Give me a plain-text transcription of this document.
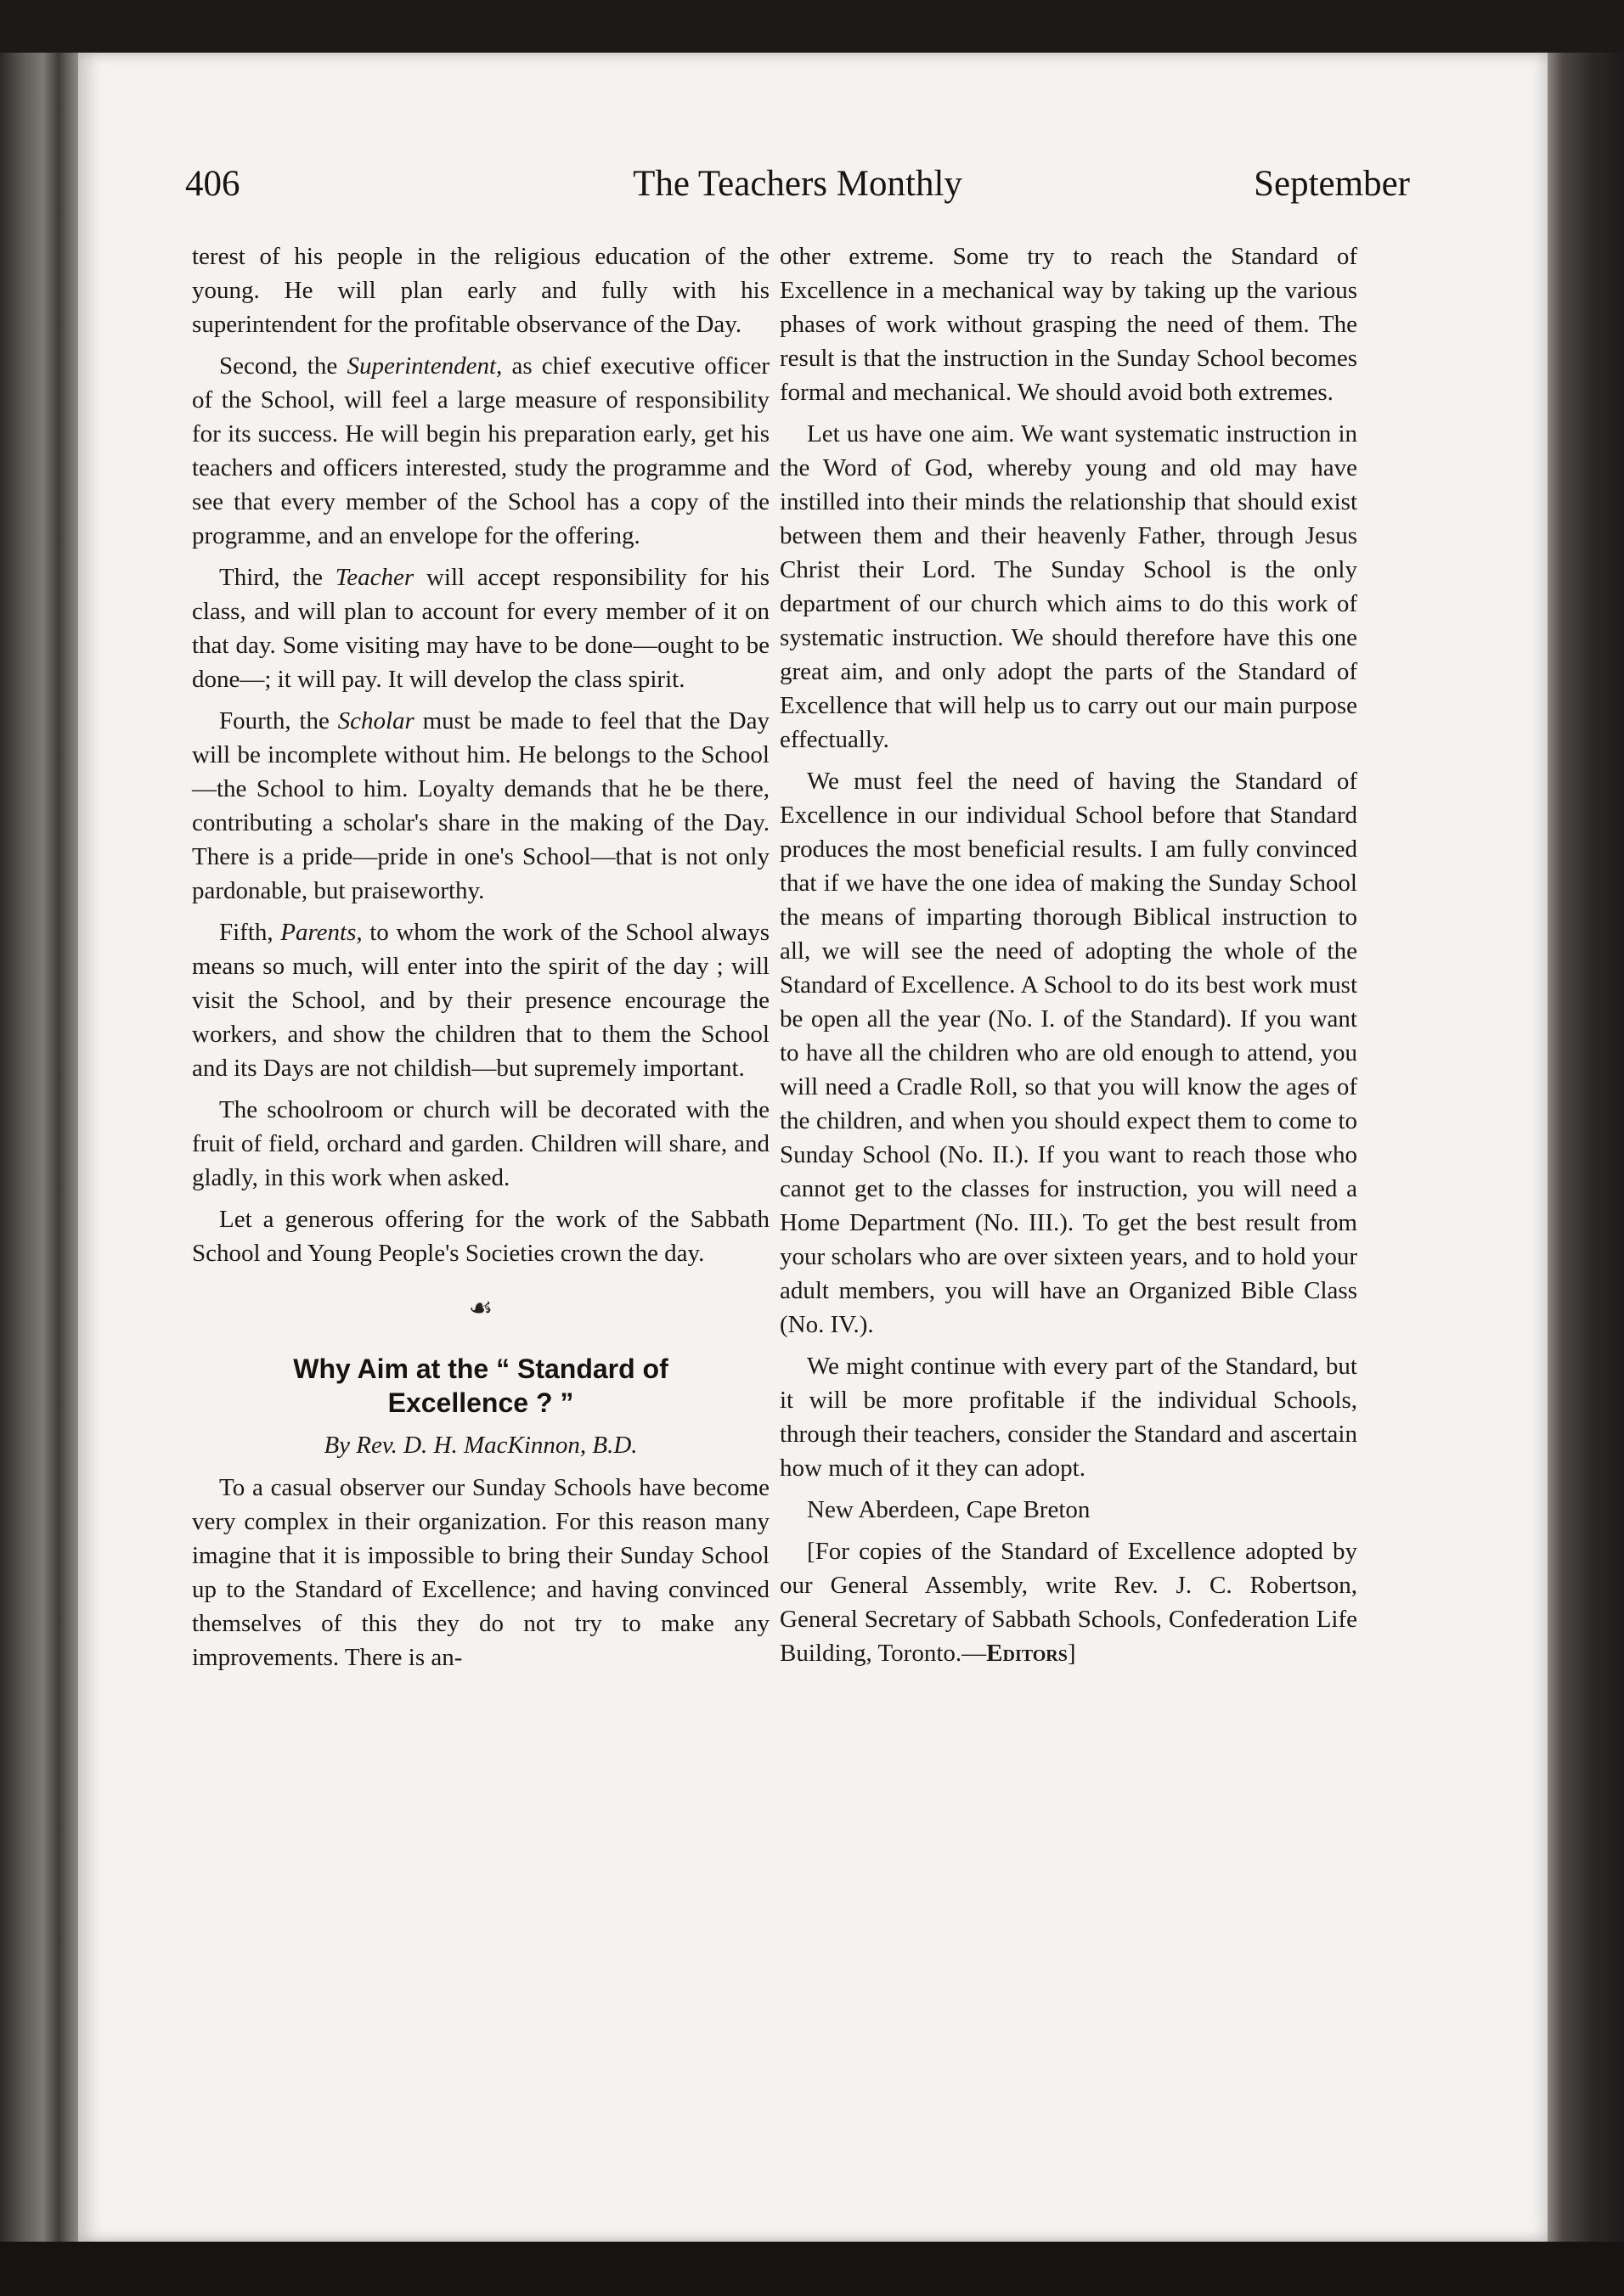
406	The Teachers Monthly	September

terest of his people in the religious education of the young. He will plan early and fully with his superintendent for the profitable observance of the Day.

Second, the Superintendent, as chief executive officer of the School, will feel a large measure of responsibility for its success. He will begin his preparation early, get his teachers and officers interested, study the programme and see that every member of the School has a copy of the programme, and an envelope for the offering.

Third, the Teacher will accept responsibility for his class, and will plan to account for every member of it on that day. Some visiting may have to be done—ought to be done—; it will pay. It will develop the class spirit.

Fourth, the Scholar must be made to feel that the Day will be incomplete without him. He belongs to the School—the School to him. Loyalty demands that he be there, contributing a scholar's share in the making of the Day. There is a pride—pride in one's School—that is not only pardonable, but praiseworthy.

Fifth, Parents, to whom the work of the School always means so much, will enter into the spirit of the day ; will visit the School, and by their presence encourage the workers, and show the children that to them the School and its Days are not childish—but supremely important.

The schoolroom or church will be decorated with the fruit of field, orchard and garden. Children will share, and gladly, in this work when asked.

Let a generous offering for the work of the Sabbath School and Young People's Societies crown the day.

☙
Why Aim at the “ Standard of
Excellence ? ”
By Rev. D. H. MacKinnon, B.D.

To a casual observer our Sunday Schools have become very complex in their organization. For this reason many imagine that it is impossible to bring their Sunday School up to the Standard of Excellence; and having convinced themselves of this they do not try to make any improvements. There is an-

other extreme. Some try to reach the Standard of Excellence in a mechanical way by taking up the various phases of work without grasping the need of them. The result is that the instruction in the Sunday School becomes formal and mechanical. We should avoid both extremes.

Let us have one aim. We want systematic instruction in the Word of God, whereby young and old may have instilled into their minds the relationship that should exist between them and their heavenly Father, through Jesus Christ their Lord. The Sunday School is the only department of our church which aims to do this work of systematic instruction. We should therefore have this one great aim, and only adopt the parts of the Standard of Excellence that will help us to carry out our main purpose effectually.

We must feel the need of having the Standard of Excellence in our individual School before that Standard produces the most beneficial results. I am fully convinced that if we have the one idea of making the Sunday School the means of imparting thorough Biblical instruction to all, we will see the need of adopting the whole of the Standard of Excellence. A School to do its best work must be open all the year (No. I. of the Standard). If you want to have all the children who are old enough to attend, you will need a Cradle Roll, so that you will know the ages of the children, and when you should expect them to come to Sunday School (No. II.). If you want to reach those who cannot get to the classes for instruction, you will need a Home Department (No. III.). To get the best result from your scholars who are over sixteen years, and to hold your adult members, you will have an Organized Bible Class (No. IV.).

We might continue with every part of the Standard, but it will be more profitable if the individual Schools, through their teachers, consider the Standard and ascertain how much of it they can adopt.

New Aberdeen, Cape Breton

[For copies of the Standard of Excellence adopted by our General Assembly, write Rev. J. C. Robertson, General Secretary of Sabbath Schools, Confederation Life Building, Toronto.—Editors]
